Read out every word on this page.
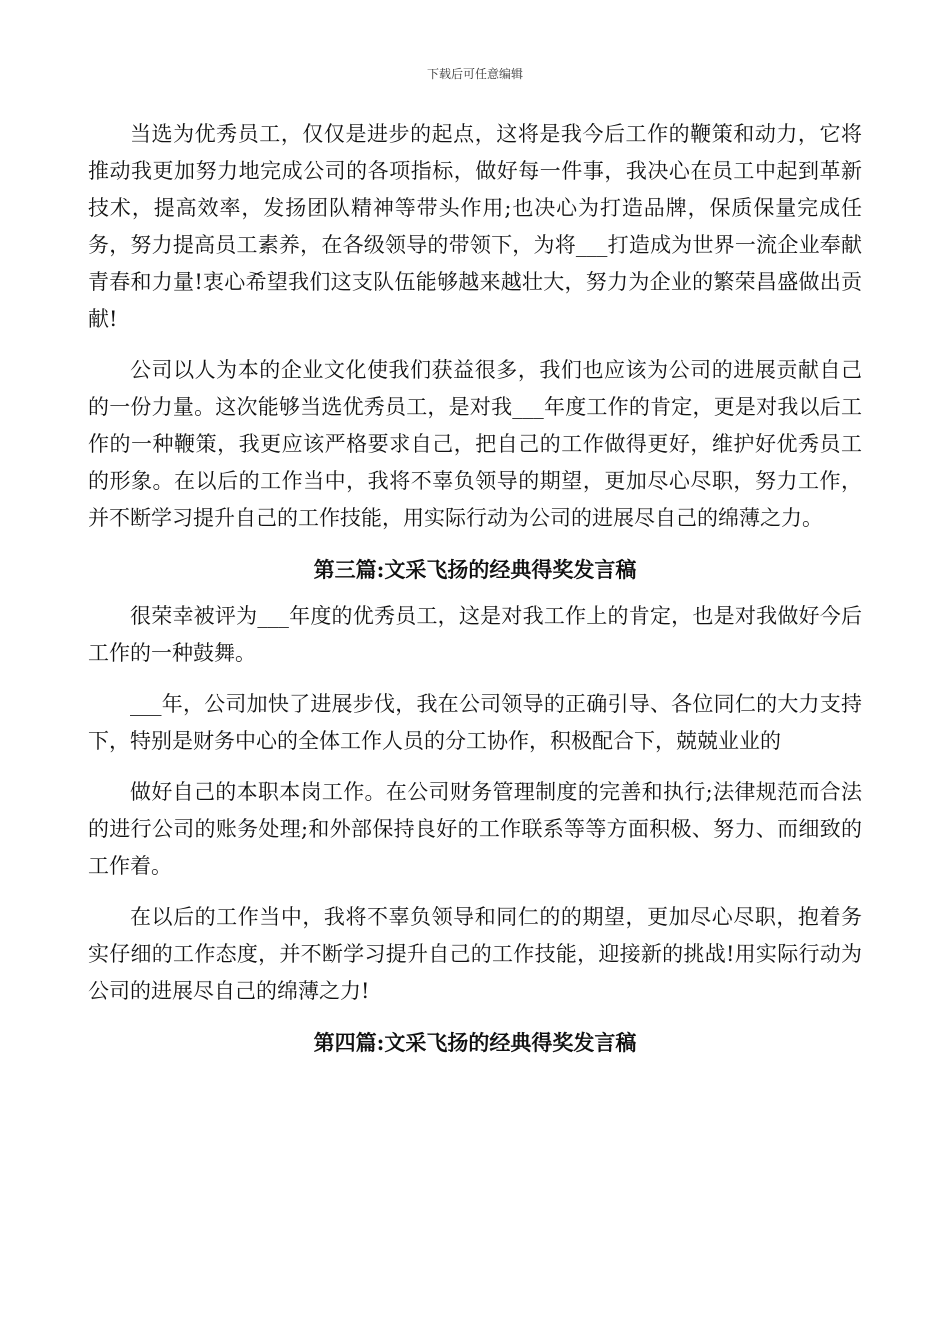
下载后可任意编辑

当选为优秀员工，仅仅是进步的起点，这将是我今后工作的鞭策和动力，它将推动我更加努力地完成公司的各项指标，做好每一件事，我决心在员工中起到革新技术，提高效率，发扬团队精神等带头作用;也决心为打造品牌，保质保量完成任务，努力提高员工素养，在各级领导的带领下，为将___打造成为世界一流企业奉献青春和力量!衷心希望我们这支队伍能够越来越壮大，努力为企业的繁荣昌盛做出贡献!

公司以人为本的企业文化使我们获益很多，我们也应该为公司的进展贡献自己的一份力量。这次能够当选优秀员工，是对我___年度工作的肯定，更是对我以后工作的一种鞭策，我更应该严格要求自己，把自己的工作做得更好，维护好优秀员工的形象。在以后的工作当中，我将不辜负领导的期望，更加尽心尽职，努力工作，并不断学习提升自己的工作技能，用实际行动为公司的进展尽自己的绵薄之力。

第三篇:文采飞扬的经典得奖发言稿

很荣幸被评为___年度的优秀员工，这是对我工作上的肯定，也是对我做好今后工作的一种鼓舞。

___年，公司加快了进展步伐，我在公司领导的正确引导、各位同仁的大力支持下，特别是财务中心的全体工作人员的分工协作，积极配合下，兢兢业业的

做好自己的本职本岗工作。在公司财务管理制度的完善和执行;法律规范而合法的进行公司的账务处理;和外部保持良好的工作联系等等方面积极、努力、而细致的工作着。

在以后的工作当中，我将不辜负领导和同仁的的期望，更加尽心尽职，抱着务实仔细的工作态度，并不断学习提升自己的工作技能，迎接新的挑战!用实际行动为公司的进展尽自己的绵薄之力!

第四篇:文采飞扬的经典得奖发言稿
